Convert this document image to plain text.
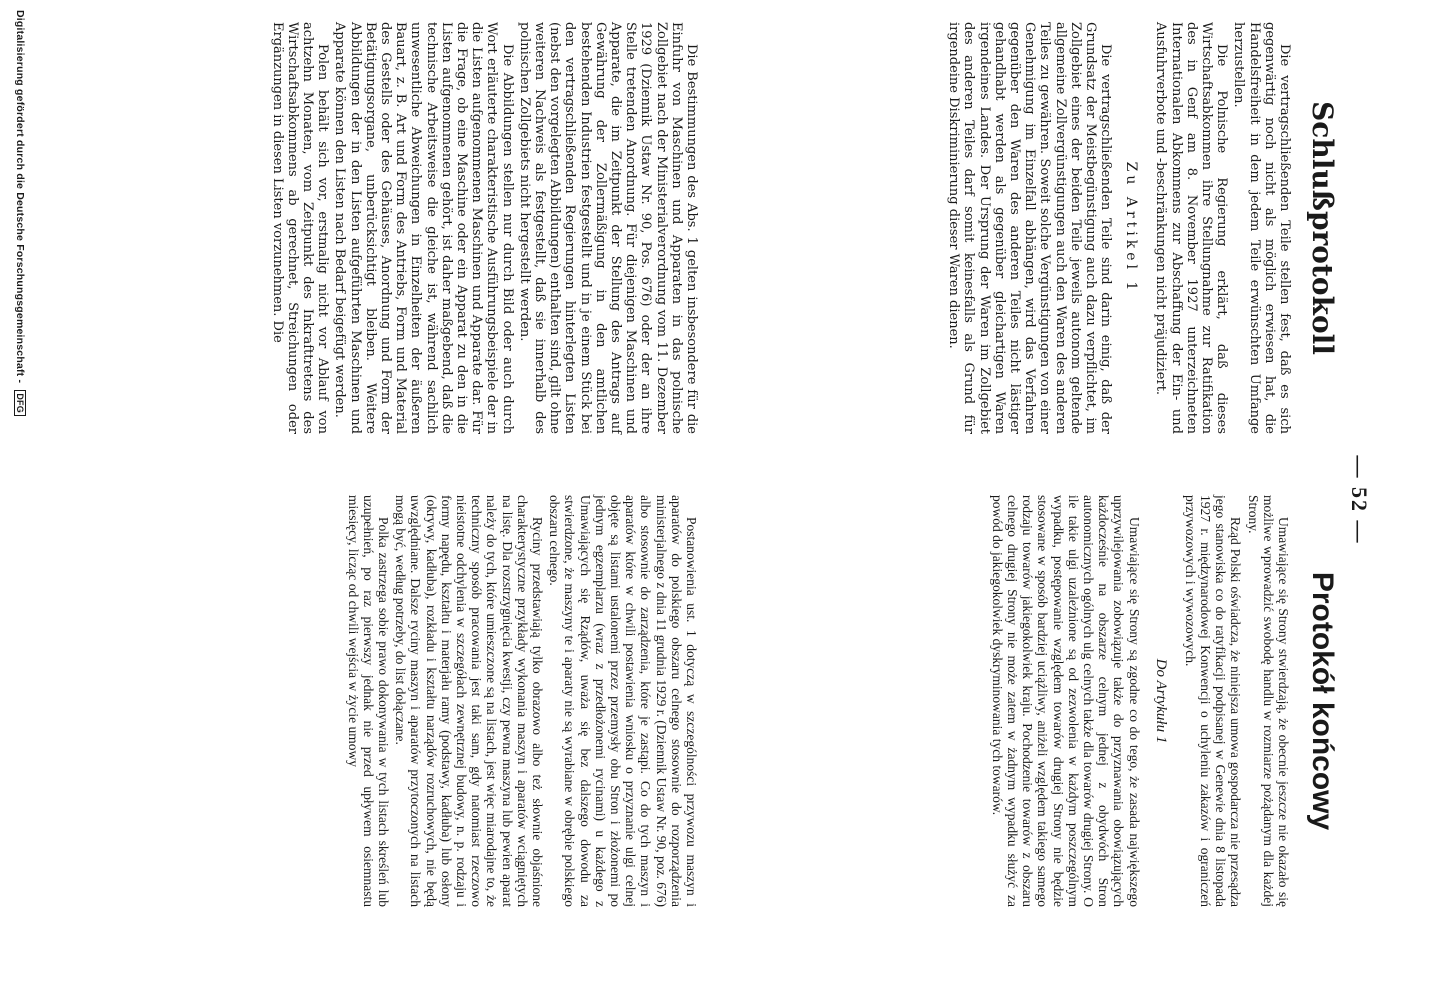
— 52 —
Schlußprotokoll

Die vertragschließenden Teile stellen fest, daß es sich gegenwärtig noch nicht als möglich erwiesen hat, die Handelsfreiheit in dem jedem Teile erwünschten Umfange herzustellen.

Die Polnische Regierung erklärt, daß dieses Wirtschaftsabkommen ihre Stellungnahme zur Ratifikation des in Genf am 8. November 1927 unterzeichneten Internationalen Abkommens zur Abschaffung der Ein- und Ausfuhrverbote und -beschränkungen nicht präjudiziert.

Zu Artikel 1

Die vertragschließenden Teile sind darin einig, daß der Grundsatz der Meistbegünstigung auch dazu verpflichtet, im Zollgebiet eines der beiden Teile jeweils autonom geltende allgemeine Zollvergünstigungen auch den Waren des anderen Teiles zu gewähren. Soweit solche Vergünstigungen von einer Genehmigung im Einzelfall abhängen, wird das Verfahren gegenüber den Waren des anderen Teiles nicht lästiger gehandhabt werden als gegenüber gleichartigen Waren irgendeines Landes. Der Ursprung der Waren im Zollgebiet des anderen Teiles darf somit keinesfalls als Grund für irgendeine Diskriminierung dieser Waren dienen.

Die Bestimmungen des Abs. 1 gelten insbesondere für die Einfuhr von Maschinen und Apparaten in das polnische Zollgebiet nach der Ministerialverordnung vom 11. Dezember 1929 (Dziennik Ustaw Nr. 90, Pos. 676) oder der an ihre Stelle tretenden Anordnung. Für diejenigen Maschinen und Apparate, die im Zeitpunkt der Stellung des Antrags auf Gewährung der Zollermäßigung in den amtlichen bestehenden Industrien festgestellt und in je einem Stück bei den vertragschließenden Regierungen hinterlegten Listen (nebst den vorgelegten Abbildungen) enthalten sind, gilt ohne weiteren Nachweis als festgestellt, daß sie innerhalb des polnischen Zollgebiets nicht hergestellt werden.

Die Abbildungen stellen nur durch Bild oder auch durch Wort erläuterte charakteristische Ausführungsbeispiele der in die Listen aufgenommenen Maschinen und Apparate dar. Für die Frage, ob eine Maschine oder ein Apparat zu den in die Listen aufgenommenen gehört, ist daher maßgebend, daß die technische Arbeitsweise die gleiche ist, während sachlich unwesentliche Abweichungen in Einzelheiten der äußeren Bauart, z. B. Art und Form des Antriebs, Form und Material des Gestells oder des Gehäuses, Anordnung und Form der Betätigungsorgane, unberücksichtigt bleiben. Weitere Abbildungen der in den Listen aufgeführten Maschinen und Apparate können den Listen nach Bedarf beigefügt werden.

Polen behält sich vor, erstmalig nicht vor Ablauf von achtzehn Monaten, vom Zeitpunkt des Inkrafttretens des Wirtschaftsabkommens ab gerechnet, Streichungen oder Ergänzungen in diesen Listen vorzunehmen. Die

Protokół końcowy

Umawiające się Strony stwierdzają, że obecnie jeszcze nie okazało się możliwe wprowadzić swobodę handlu w rozmiarze pożądanym dla każdej Strony.

Rząd Polski oświadcza, że niniejsza umowa gospodarcza nie przesądza jego stanowiska co do ratyfikacji podpisanej w Genewie dnia 8 listopada 1927 r. międzynarodowej Konwencji o uchyleniu zakazów i ograniczeń przywozowych i wywozowych.

Do Artykułu 1

Umawiające się Strony są zgodne co do tego, że zasada największego uprzywilejowania zobowiązuje także do przyznawania obowiązujących każdocześnie na obszarze celnym jednej z obydwóch Stron autonomicznych ogólnych ulg celnych także dla towarów drugiej Strony. O ile takie ulgi uzależnione są od zezwolenia w każdym poszczególnym wypadku, postępowanie względem towarów drugiej Strony nie będzie stosowane w sposób bardziej uciążliwy, aniżeli względem takiego samego rodzaju towarów jakiegokolwiek kraju. Pochodzenie towarów z obszaru celnego drugiej Strony nie może zatem w żadnym wypadku służyć za powód do jakiegokolwiek dyskryminowania tych towarów.

Postanowienia ust. 1 dotyczą w szczególności przywozu maszyn i aparatów do polskiego obszaru celnego stosownie do rozporządzenia ministerjalnego z dnia 11 grudnia 1929 r. (Dziennik Ustaw Nr. 90, poz. 676) albo stosownie do zarządzenia, które je zastąpi. Co do tych maszyn i aparatów które w chwili postawienia wniosku o przyznanie ulgi celnej objęte są listami ustalonemi przez przemysły obu Stron i złożonemi po jednym egzemplarzu (wraz z przedłożonemi rycinami) u każdego z Umawiających się Rządów, uważa się bez dalszego dowodu za stwierdzone, że maszyny te i aparaty nie są wyrabiane w obrębie polskiego obszaru celnego.

Ryciny przedstawiają tylko obrazowo albo też słownie objaśnione charakterystyczne przykłady wykonania maszyn i aparatów wciągniętych na listę. Dla rozstrzygnięcia kwestji, czy pewna maszyna lub pewien aparat należy do tych, które umieszczone są na listach, jest więc miarodajne to, że techniczny sposób pracowania jest taki sam, gdy natomiast rzeczowo nieistotne odchylenia w szczegółach zewnętrznej budowy, n. p. rodzaju i formy napędu, kształtu i materjału ramy (podstawy, kadłuba) lub osłony (okrywy, kadłuba), rozkładu i kształtu narządów rozruchowych, nie będą uwzględniane. Dalsze ryciny maszyn i aparatów przytoczonych na listach mogą być, według potrzeby, do list dołączane.

Polka zastrzega sobie prawo dokonywania w tych listach skreśleń lub uzupełnień, po raz pierwszy jednak nie przed upływem osiemnastu miesięcy, licząc od chwili wejścia w życie umowy

Digitalisierung gefördert durch die Deutsche Forschungsgemeinschaft - DFG
